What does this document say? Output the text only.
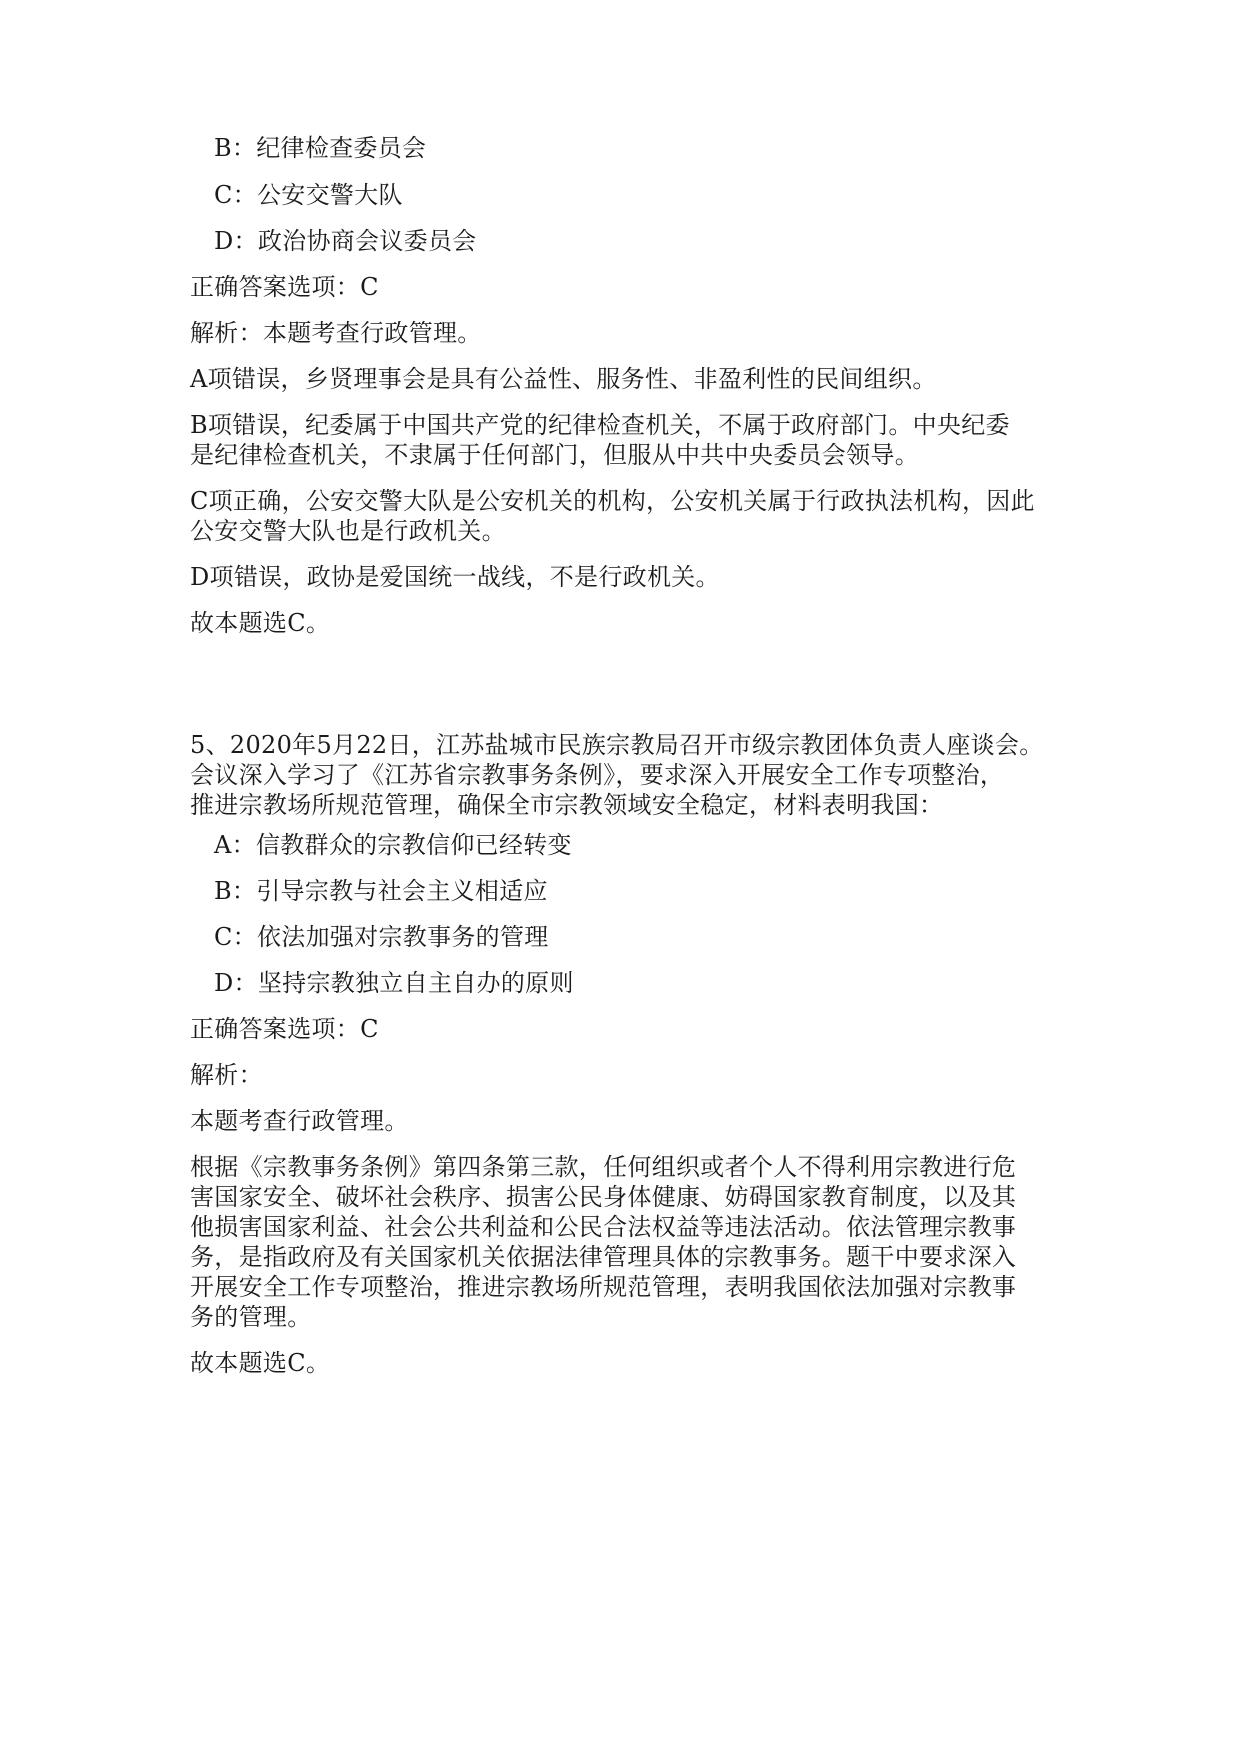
B：纪律检查委员会
C：公安交警大队
D：政治协商会议委员会
正确答案选项：C
解析：本题考查行政管理。
A项错误，乡贤理事会是具有公益性、服务性、非盈利性的民间组织。
B项错误，纪委属于中国共产党的纪律检查机关，不属于政府部门。中央纪委
是纪律检查机关，不隶属于任何部门，但服从中共中央委员会领导。
C项正确，公安交警大队是公安机关的机构，公安机关属于行政执法机构，因此
公安交警大队也是行政机关。
D项错误，政协是爱国统一战线，不是行政机关。
故本题选C。
5、2020年5月22日，江苏盐城市民族宗教局召开市级宗教团体负责人座谈会。
会议深入学习了《江苏省宗教事务条例》，要求深入开展安全工作专项整治，
推进宗教场所规范管理，确保全市宗教领域安全稳定，材料表明我国：
A：信教群众的宗教信仰已经转变
B：引导宗教与社会主义相适应
C：依法加强对宗教事务的管理
D：坚持宗教独立自主自办的原则
正确答案选项：C
解析：
本题考查行政管理。
根据《宗教事务条例》第四条第三款，任何组织或者个人不得利用宗教进行危
害国家安全、破坏社会秩序、损害公民身体健康、妨碍国家教育制度，以及其
他损害国家利益、社会公共利益和公民合法权益等违法活动。依法管理宗教事
务，是指政府及有关国家机关依据法律管理具体的宗教事务。题干中要求深入
开展安全工作专项整治，推进宗教场所规范管理，表明我国依法加强对宗教事
务的管理。
故本题选C。
